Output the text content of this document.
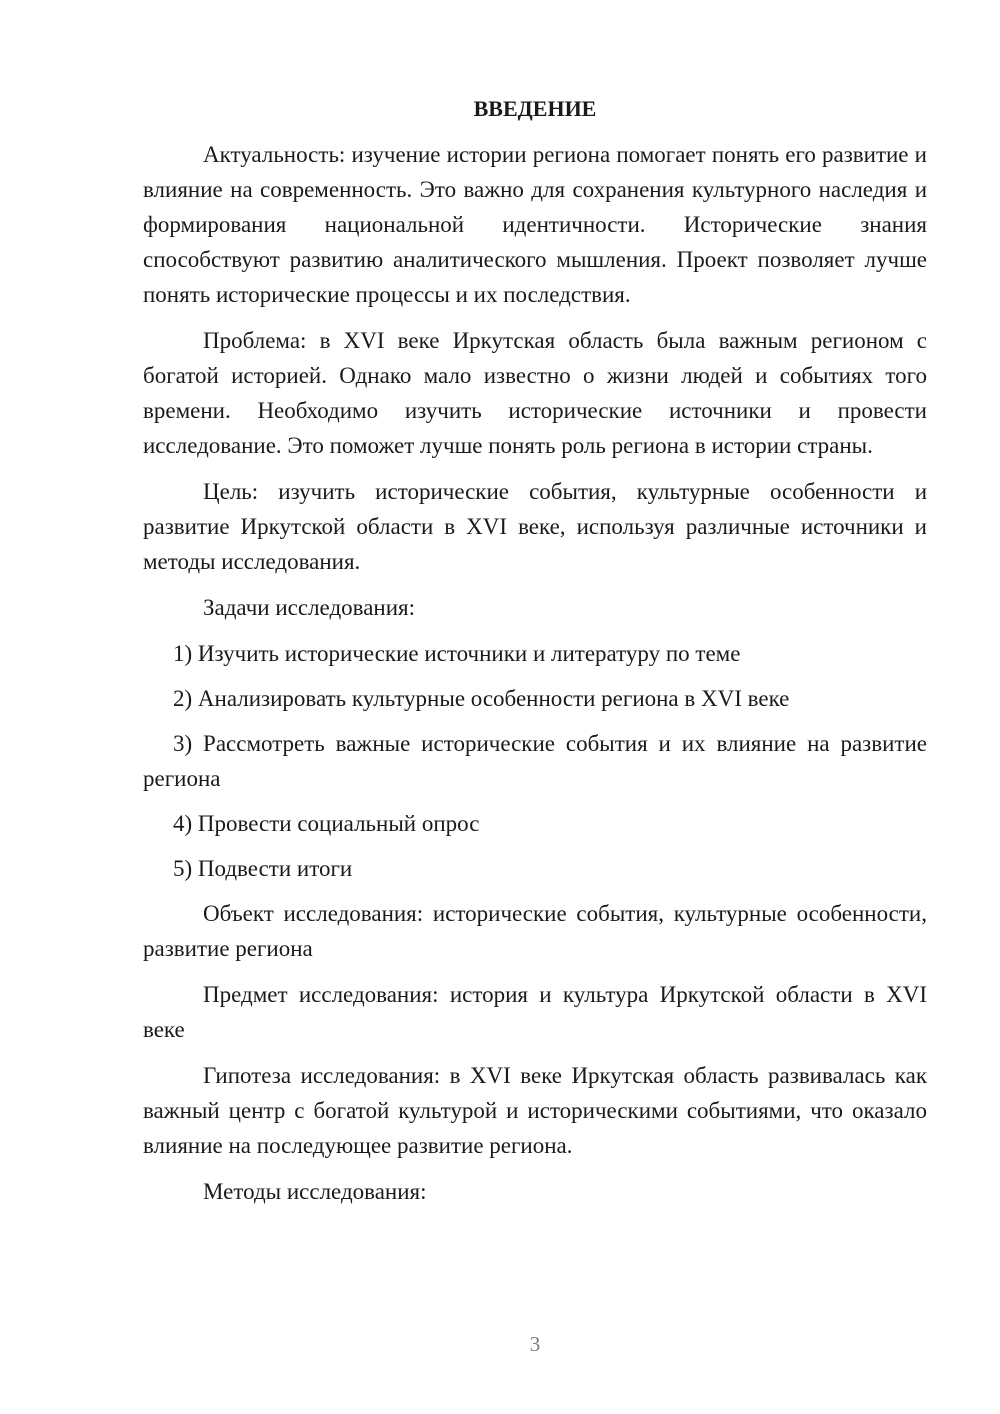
ВВЕДЕНИЕ

Актуальность: изучение истории региона помогает понять его развитие и влияние на современность. Это важно для сохранения культурного наследия и формирования национальной идентичности. Исторические знания способствуют развитию аналитического мышления. Проект позволяет лучше понять исторические процессы и их последствия.

Проблема: в XVI веке Иркутская область была важным регионом с богатой историей. Однако мало известно о жизни людей и событиях того времени. Необходимо изучить исторические источники и провести исследование. Это поможет лучше понять роль региона в истории страны.

Цель: изучить исторические события, культурные особенности и развитие Иркутской области в XVI веке, используя различные источники и методы исследования.

Задачи исследования:

1) Изучить исторические источники и литературу по теме

2) Анализировать культурные особенности региона в XVI веке

3) Рассмотреть важные исторические события и их влияние на развитие региона

4) Провести социальный опрос

5) Подвести итоги

Объект исследования: исторические события, культурные особенности, развитие региона

Предмет исследования: история и культура Иркутской области в XVI веке

Гипотеза исследования: в XVI веке Иркутская область развивалась как важный центр с богатой культурой и историческими событиями, что оказало влияние на последующее развитие региона.

Методы исследования:

3
